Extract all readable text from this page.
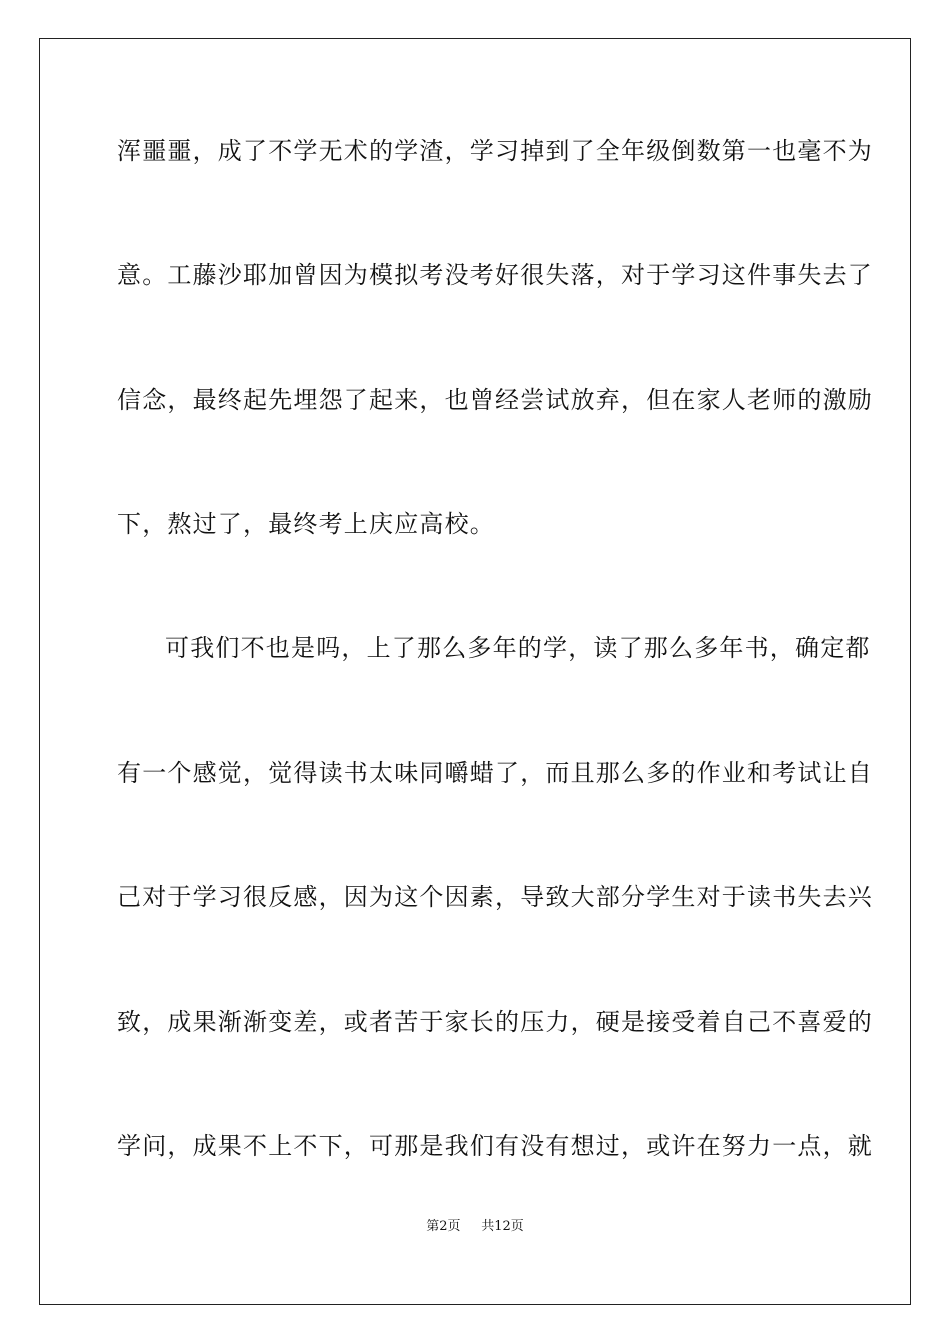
浑噩噩，成了不学无术的学渣，学习掉到了全年级倒数第一也毫不为
意。工藤沙耶加曾因为模拟考没考好很失落，对于学习这件事失去了
信念，最终起先埋怨了起来，也曾经尝试放弃，但在家人老师的激励
下，熬过了，最终考上庆应高校。
可我们不也是吗，上了那么多年的学，读了那么多年书，确定都
有一个感觉，觉得读书太味同嚼蜡了，而且那么多的作业和考试让自
己对于学习很反感，因为这个因素，导致大部分学生对于读书失去兴
致，成果渐渐变差，或者苦于家长的压力，硬是接受着自己不喜爱的
学问，成果不上不下，可那是我们有没有想过，或许在努力一点，就
第2页 共12页
